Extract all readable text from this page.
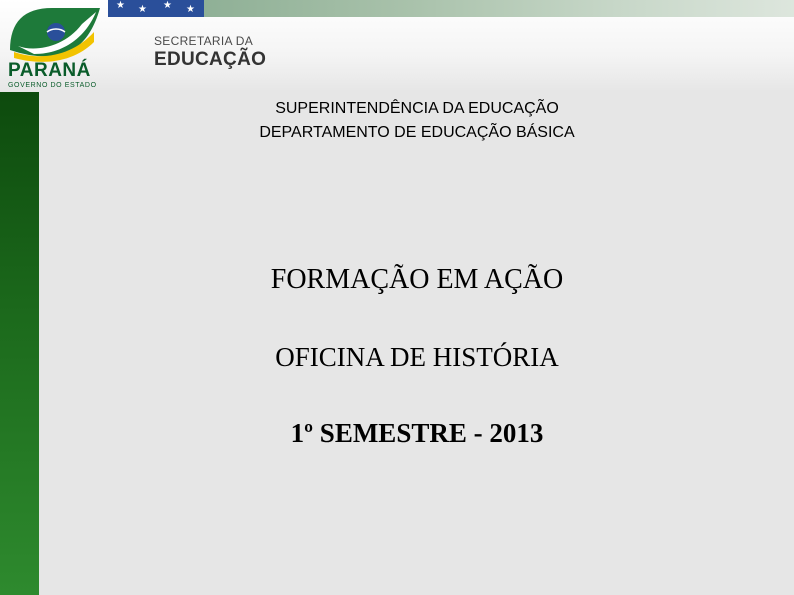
★ ★ ★ ★
PARANÁ
GOVERNO DO ESTADO
SECRETARIA DA
EDUCAÇÃO
SUPERINTENDÊNCIA DA EDUCAÇÃO
DEPARTAMENTO DE EDUCAÇÃO BÁSICA
FORMAÇÃO EM AÇÃO
OFICINA DE HISTÓRIA
1º SEMESTRE - 2013
